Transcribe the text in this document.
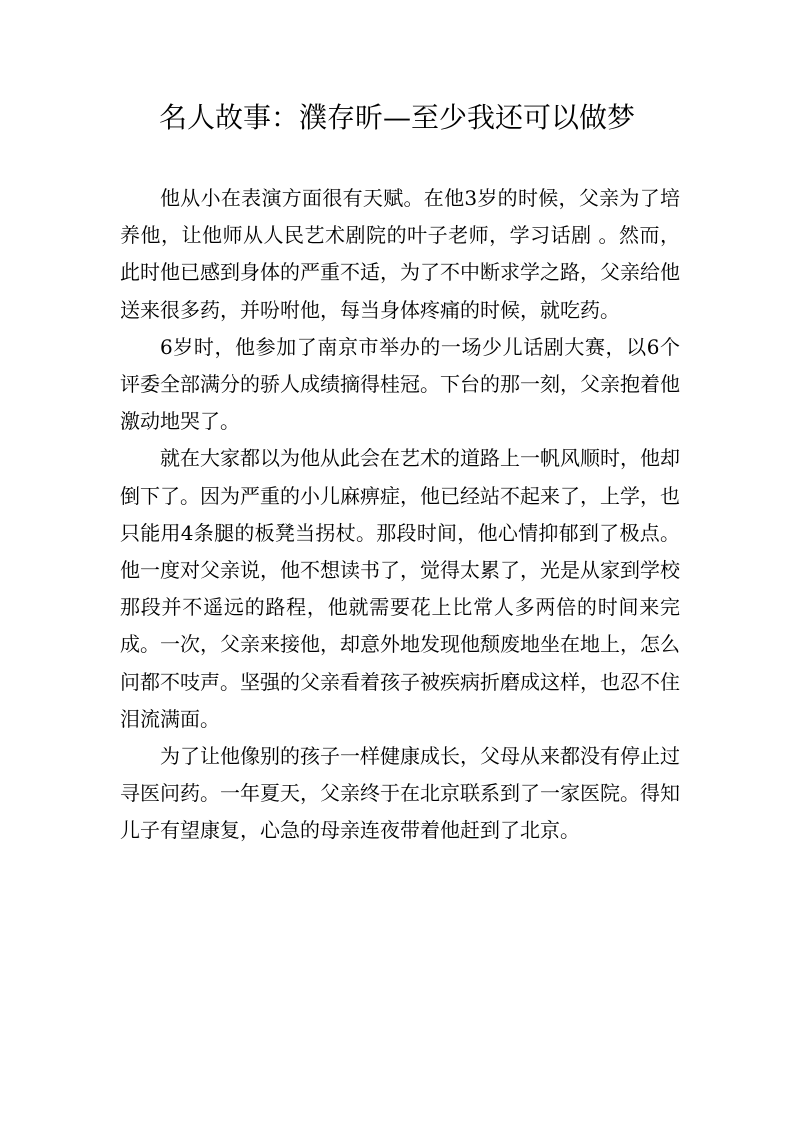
名人故事：濮存昕—至少我还可以做梦

他从小在表演方面很有天赋。在他3岁的时候，父亲为了培养他，让他师从人民艺术剧院的叶子老师，学习话剧 。然而，此时他已感到身体的严重不适，为了不中断求学之路，父亲给他送来很多药，并吩咐他，每当身体疼痛的时候，就吃药。

6岁时，他参加了南京市举办的一场少儿话剧大赛，以6个评委全部满分的骄人成绩摘得桂冠。下台的那一刻，父亲抱着他激动地哭了。

就在大家都以为他从此会在艺术的道路上一帆风顺时，他却倒下了。因为严重的小儿麻痹症，他已经站不起来了，上学，也只能用4条腿的板凳当拐杖。那段时间，他心情抑郁到了极点。他一度对父亲说，他不想读书了，觉得太累了，光是从家到学校那段并不遥远的路程，他就需要花上比常人多两倍的时间来完成。一次，父亲来接他，却意外地发现他颓废地坐在地上，怎么问都不吱声。坚强的父亲看着孩子被疾病折磨成这样，也忍不住泪流满面。

为了让他像别的孩子一样健康成长，父母从来都没有停止过寻医问药。一年夏天，父亲终于在北京联系到了一家医院。得知儿子有望康复，心急的母亲连夜带着他赶到了北京。
